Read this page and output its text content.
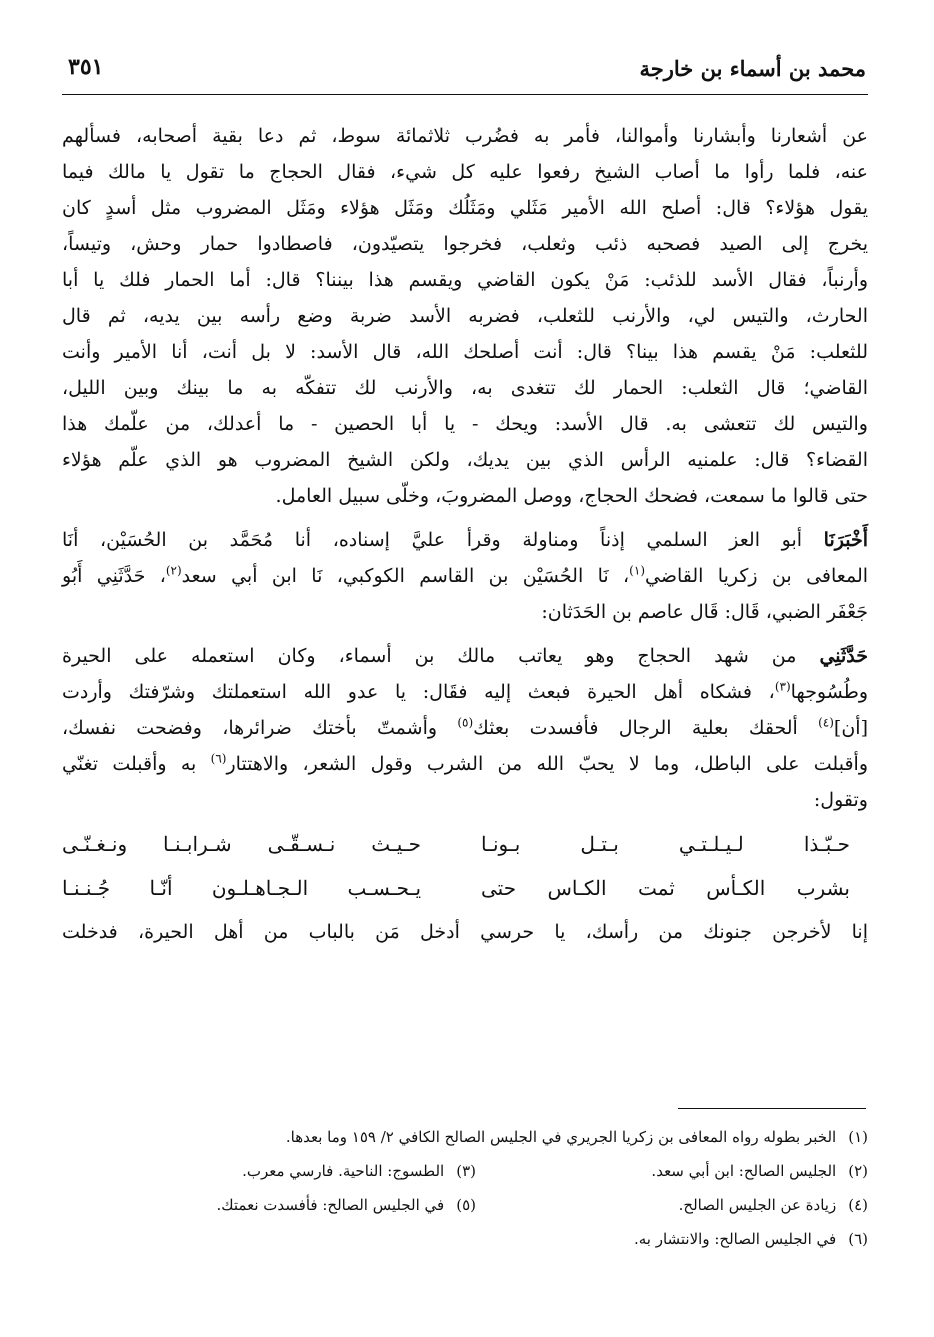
محمد بن أسماء بن خارجة
٣٥١
عن أشعارنا وأبشارنا وأموالنا، فأمر به فضُرب ثلاثمائة سوط، ثم دعا بقية أصحابه، فسألهم
عنه، فلما رأوا ما أصاب الشيخ رفعوا عليه كل شيء، فقال الحجاج ما تقول يا مالك فيما
يقول هؤلاء؟ قال: أصلح الله الأمير مَثَلي ومَثَلُك ومَثَل هؤلاء ومَثَل المضروب مثل أسدٍ كان
يخرج إلى الصيد فصحبه ذئب وثعلب، فخرجوا يتصيّدون، فاصطادوا حمار وحش، وتيساً،
وأرنباً، فقال الأسد للذئب: مَنْ يكون القاضي ويقسم هذا بيننا؟ قال: أما الحمار فلك يا أبا
الحارث، والتيس لي، والأرنب للثعلب، فضربه الأسد ضربة وضع رأسه بين يديه، ثم قال
للثعلب: مَنْ يقسم هذا بينا؟ قال: أنت أصلحك الله، قال الأسد: لا بل أنت، أنا الأمير وأنت
القاضي؛ قال الثعلب: الحمار لك تتغدى به، والأرنب لك تتفكّه به ما بينك وبين الليل،
والتيس لك تتعشى به. قال الأسد: ويحك - يا أبا الحصين - ما أعدلك، من علّمك هذا
القضاء؟ قال: علمنيه الرأس الذي بين يديك، ولكن الشيخ المضروب هو الذي علّم هؤلاء
حتى قالوا ما سمعت، فضحك الحجاج، ووصل المضروبَ، وخلّى سبيل العامل.
أَخْبَرَنَا أبو العز السلمي إذناً ومناولة وقرأ عليَّ إسناده، أنا مُحَمَّد بن الحُسَيْن، أنَا
المعافى بن زكريا القاضي$^{(١)}$، نَا الحُسَيْن بن القاسم الكوكبي، نَا ابن أبي سعد$^{(٢)}$، حَدَّثَنِي أَبُو
جَعْفَر الضبي، قَال: قَال عاصم بن الحَدَثان:
حَدَّثَنِي من شهد الحجاج وهو يعاتب مالك بن أسماء، وكان استعمله على الحيرة
وطُسُوجها$^{(٣)}$، فشكاه أهل الحيرة فبعث إليه فقَال: يا عدو الله استعملتك وشرّفتك وأردت
[أن]$^{(٤)}$ ألحقك بعلية الرجال فأفسدت بعثك$^{(٥)}$ وأشمتّ بأختك ضرائرها، وفضحت نفسك،
وأقبلت على الباطل، وما لا يحبّ الله من الشرب وقول الشعر، والاهتتار$^{(٦)}$ به وأقبلت تغنّي
وتقول:
حـبّـذا لـيـلـتـي بـتـل بـونـا
حـيـث نـسـقّـى شـرابـنـا ونـغـنّـى
بشرب الكـأس ثمت الكـاس حتى
يـحـسـب الـجـاهـلـون أنّـا جُـنـنـا
إنا لأخرجن جنونك من رأسك، يا حرسي أدخل مَن بالباب من أهل الحيرة، فدخلت
(١)الخبر بطوله رواه المعافى بن زكريا الجريري في الجليس الصالح الكافي ٢/ ١٥٩ وما بعدها.
(٢)الجليس الصالح: ابن أبي سعد.
(٣)الطسوج: الناحية. فارسي معرب.
(٤)زيادة عن الجليس الصالح.
(٥)في الجليس الصالح: فأفسدت نعمتك.
(٦)في الجليس الصالح: والانتشار به.
